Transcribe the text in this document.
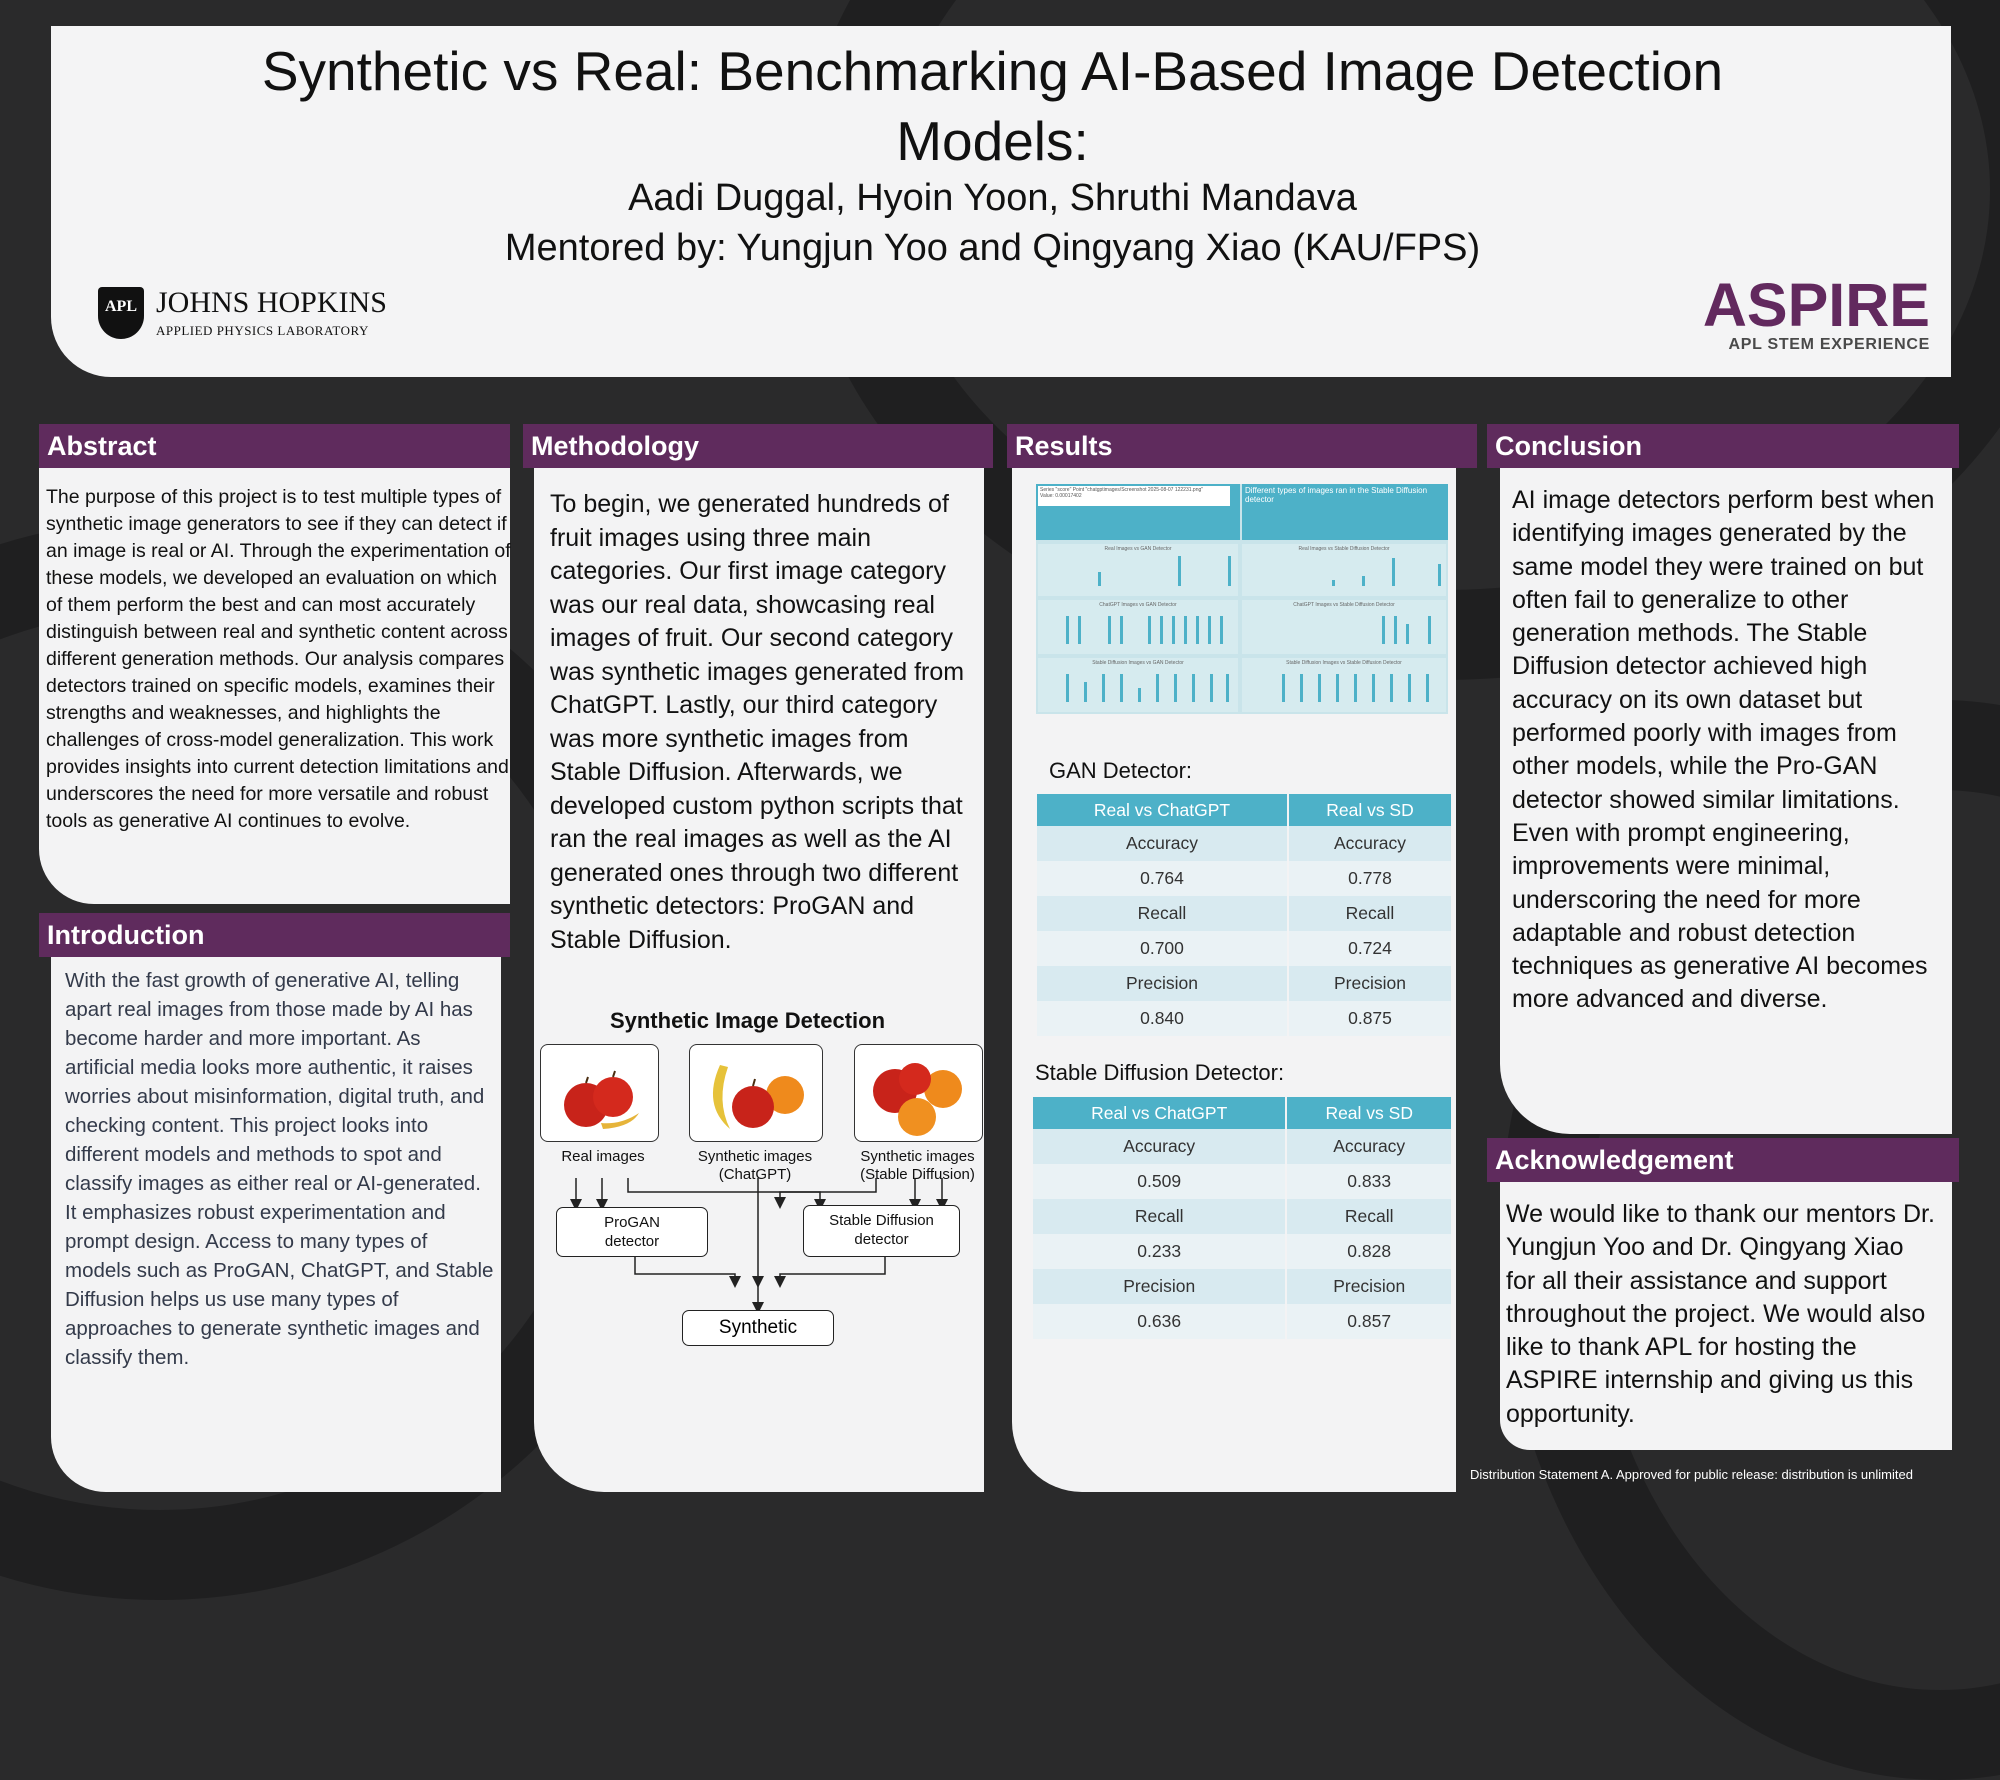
Synthetic vs Real: Benchmarking AI-Based Image Detection
Models:
Aadi Duggal, Hyoin Yoon, Shruthi Mandava
Mentored by: Yungjun Yoo and Qingyang Xiao (KAU/FPS)
APL JOHNS HOPKINS
APPLIED PHYSICS LABORATORY	ASPIRE
APL STEM EXPERIENCE
Abstract
The purpose of this project is to test multiple types of synthetic image generators to see if they can detect if an image is real or AI. Through the experimentation of these models, we developed an evaluation on which of them perform the best and can most accurately distinguish between real and synthetic content across different generation methods. Our analysis compares detectors trained on specific models, examines their strengths and weaknesses, and highlights the challenges of cross-model generalization. This work provides insights into current detection limitations and underscores the need for more versatile and robust tools as generative AI continues to evolve.
Introduction
With the fast growth of generative AI, telling apart real images from those made by AI has become harder and more important. As artificial media looks more authentic, it raises worries about misinformation, digital truth, and checking content. This project looks into different models and methods to spot and classify images as either real or AI-generated. It emphasizes robust experimentation and prompt design. Access to many types of models such as ProGAN, ChatGPT, and Stable Diffusion helps us use many types of approaches to generate synthetic images and classify them.
Methodology
To begin, we generated hundreds of fruit images using three main categories. Our first image category was our real data, showcasing real images of fruit. Our second category was synthetic images generated from ChatGPT. Lastly, our third category was more synthetic images from Stable Diffusion. Afterwards, we developed custom python scripts that ran the real images as well as the AI generated ones through two different synthetic detectors: ProGAN and Stable Diffusion.
Synthetic Image Detection
Real images	Synthetic images
(ChatGPT)
Synthetic images
(Stable Diffusion)
ProGAN
detector
Stable Diffusion
detector
Synthetic
Results
Series "score" Point "chatgptimages/Screenshot 2025-08-07 122231.png"
Value: 0.00017402
Different types of images ran in the Stable Diffusion detector
Real Images vs GAN Detector	Real Images vs Stable Diffusion Detector
ChatGPT Images vs GAN Detector	ChatGPT Images vs Stable Diffusion Detector
Stable Diffusion Images vs GAN Detector	Stable Diffusion Images vs Stable Diffusion Detector
GAN Detector:
Real vs ChatGPT	Real vs SD
Accuracy	Accuracy
0.764	0.778
Recall	Recall
0.700	0.724
Precision	Precision
0.840	0.875
Stable Diffusion Detector:
Real vs ChatGPT	Real vs SD
Accuracy	Accuracy
0.509	0.833
Recall	Recall
0.233	0.828
Precision	Precision
0.636	0.857
Conclusion
AI image detectors perform best when identifying images generated by the same model they were trained on but often fail to generalize to other generation methods. The Stable Diffusion detector achieved high accuracy on its own dataset but performed poorly with images from other models, while the Pro-GAN detector showed similar limitations. Even with prompt engineering, improvements were minimal, underscoring the need for more adaptable and robust detection techniques as generative AI becomes more advanced and diverse.
Acknowledgement
We would like to thank our mentors Dr. Yungjun Yoo and Dr. Qingyang Xiao for all their assistance and support throughout the project. We would also like to thank APL for hosting the ASPIRE internship and giving us this opportunity.
Distribution Statement A. Approved for public release: distribution is unlimited
